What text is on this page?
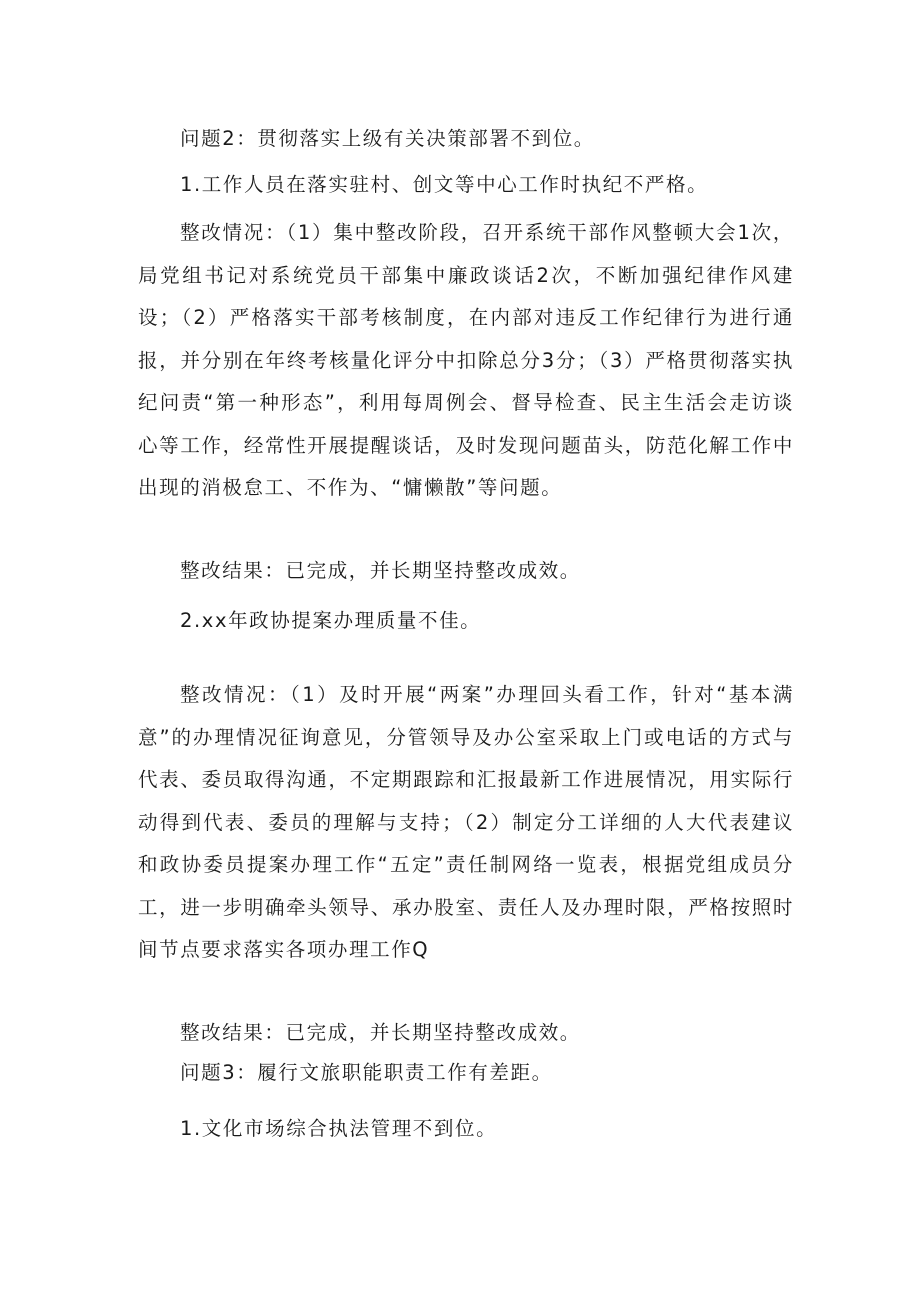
问题2：贯彻落实上级有关决策部署不到位。

1.工作人员在落实驻村、创文等中心工作时执纪不严格。

整改情况：（1）集中整改阶段，召开系统干部作风整顿大会1次，局党组书记对系统党员干部集中廉政谈话2次，不断加强纪律作风建设；（2）严格落实干部考核制度，在内部对违反工作纪律行为进行通报，并分别在年终考核量化评分中扣除总分3分；（3）严格贯彻落实执纪问责“第一种形态”，利用每周例会、督导检查、民主生活会走访谈心等工作，经常性开展提醒谈话，及时发现问题苗头，防范化解工作中出现的消极怠工、不作为、“慵懒散”等问题。

整改结果：已完成，并长期坚持整改成效。

2.xx年政协提案办理质量不佳。

整改情况：（1）及时开展“两案”办理回头看工作，针对“基本满意”的办理情况征询意见，分管领导及办公室采取上门或电话的方式与代表、委员取得沟通，不定期跟踪和汇报最新工作进展情况，用实际行动得到代表、委员的理解与支持；（2）制定分工详细的人大代表建议和政协委员提案办理工作“五定”责任制网络一览表，根据党组成员分工，进一步明确牵头领导、承办股室、责任人及办理时限，严格按照时间节点要求落实各项办理工作Q

整改结果：已完成，并长期坚持整改成效。

问题3：履行文旅职能职责工作有差距。

1.文化市场综合执法管理不到位。
